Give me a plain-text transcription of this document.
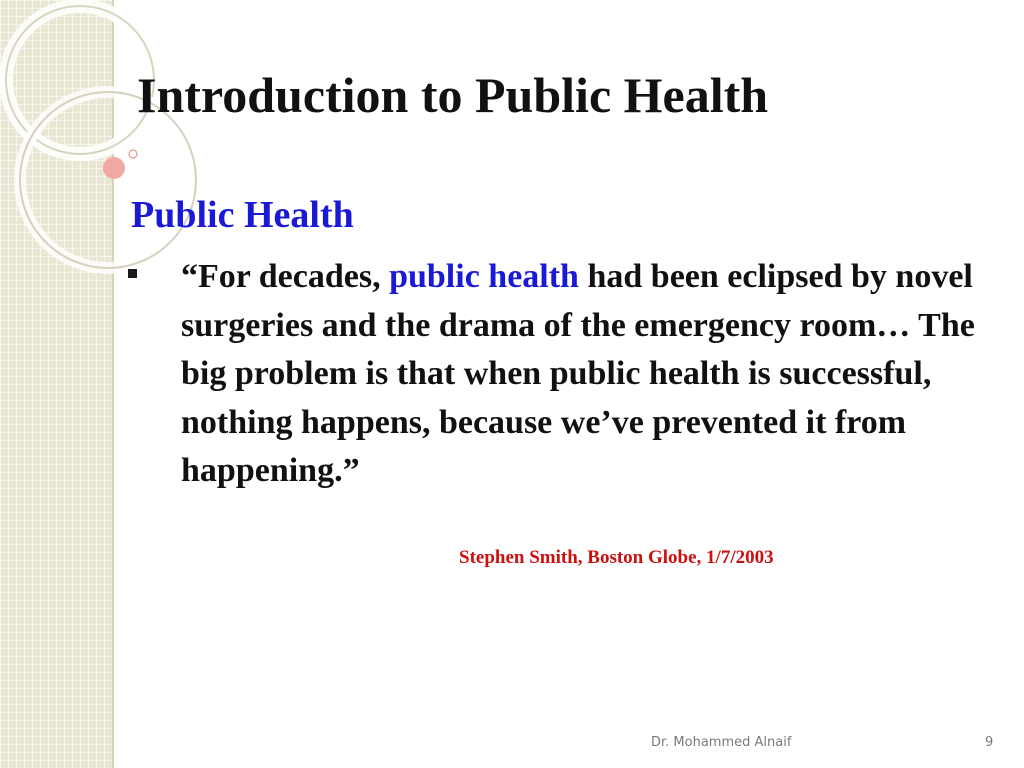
Introduction to Public Health
Public Health

“For decades, public health had been eclipsed by novel surgeries and the drama of the emergency room… The big problem is that when public health is successful, nothing happens, because we’ve prevented it from happening.”

Stephen Smith, Boston Globe, 1/7/2003

Dr. Mohammed Alnaif	9
